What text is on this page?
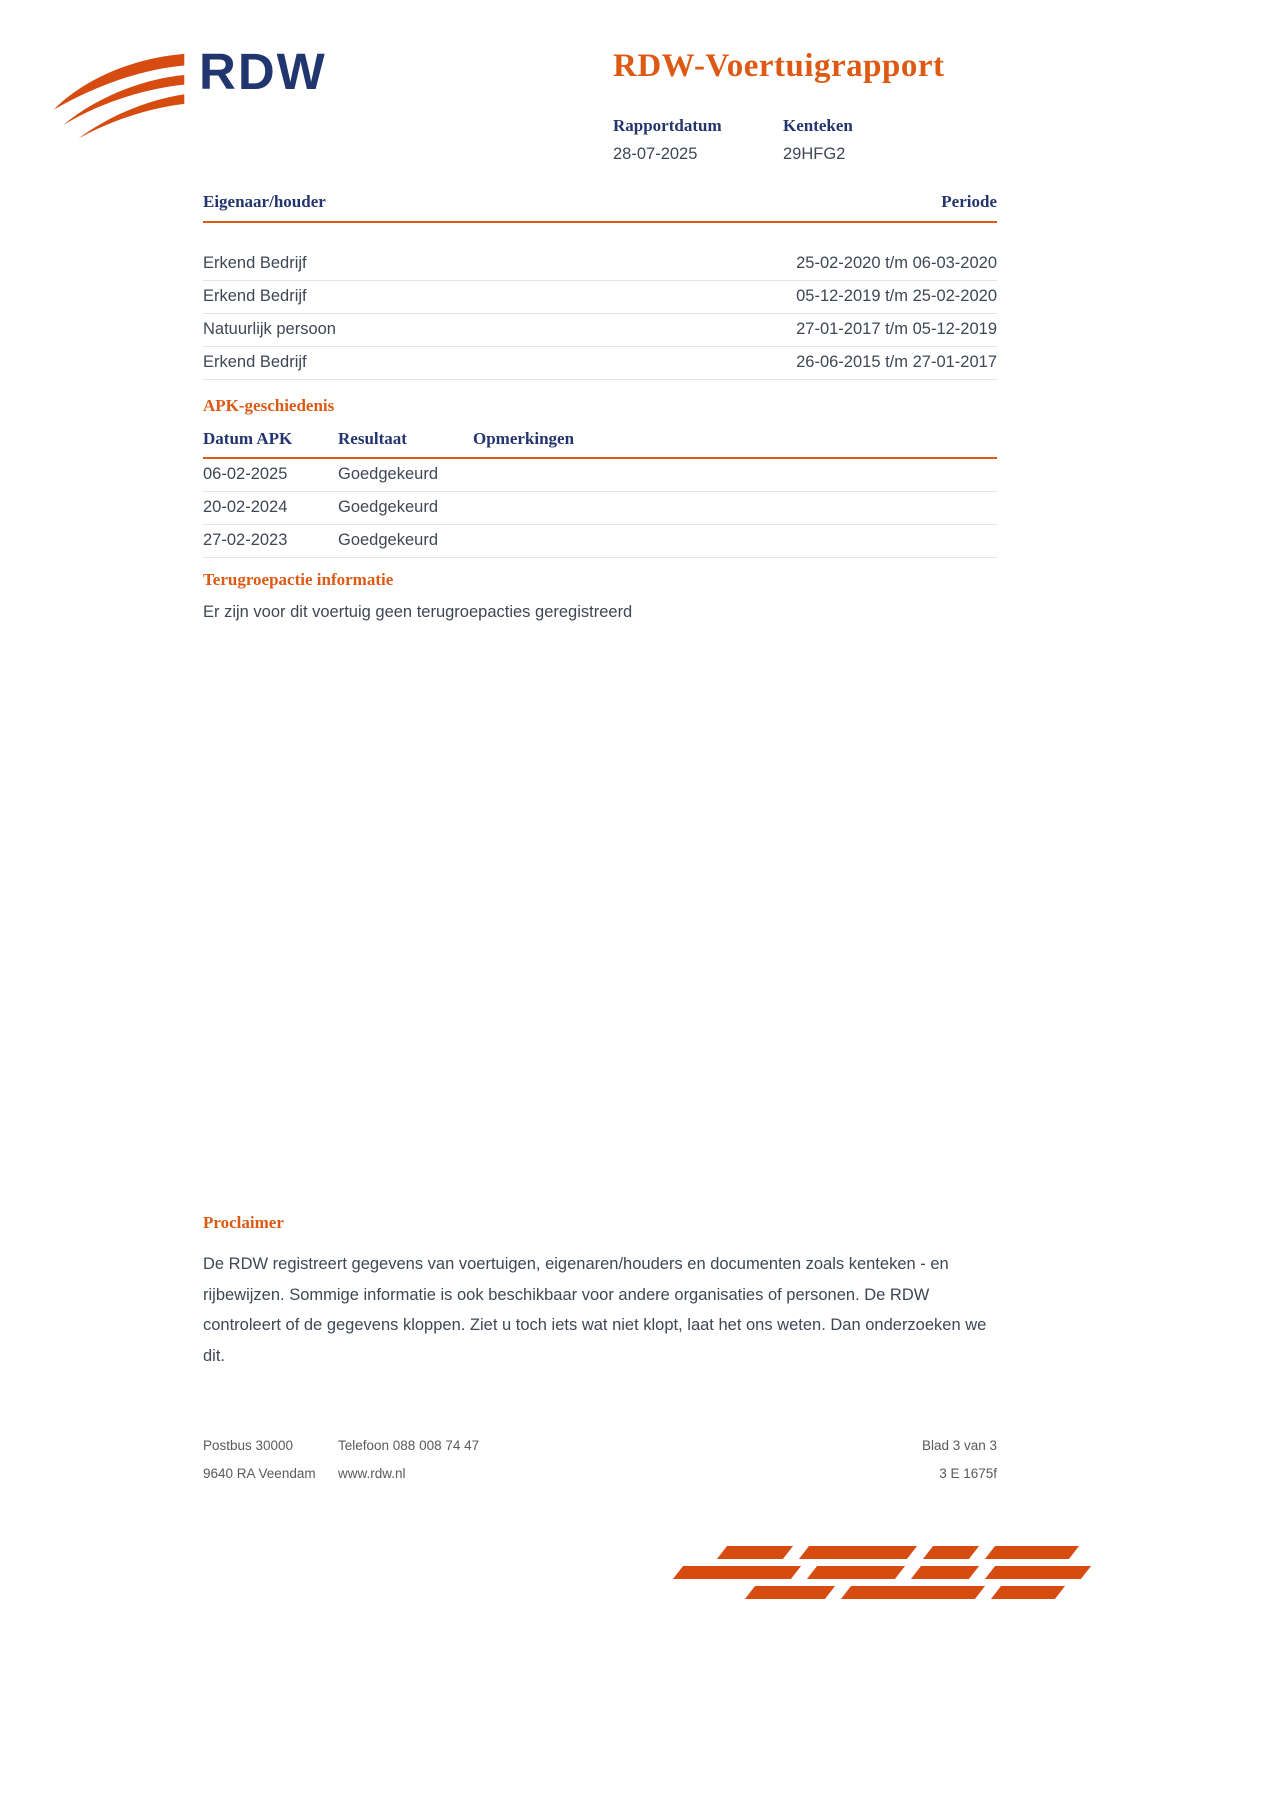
RDW	RDW-Voertuigrapport
Rapportdatum
28-07-2025
Kenteken
29HFG2
Eigenaar/houder	Periode
Erkend Bedrijf	25-02-2020 t/m 06-03-2020
Erkend Bedrijf	05-12-2019 t/m 25-02-2020
Natuurlijk persoon	27-01-2017 t/m 05-12-2019
Erkend Bedrijf	26-06-2015 t/m 27-01-2017
APK-geschiedenis
Datum APK	Resultaat	Opmerkingen
06-02-2025	Goedgekeurd
20-02-2024	Goedgekeurd
27-02-2023	Goedgekeurd
Terugroepactie informatie

Er zijn voor dit voertuig geen terugroepacties geregistreerd

Proclaimer

De RDW registreert gegevens van voertuigen, eigenaren/houders en documenten zoals kenteken - en rijbewijzen. Sommige informatie is ook beschikbaar voor andere organisaties of personen. De RDW controleert of de gegevens kloppen. Ziet u toch iets wat niet klopt, laat het ons weten. Dan onderzoeken we dit.

Postbus 30000
9640 RA Veendam
Telefoon 088 008 74 47
www.rdw.nl
Blad 3 van 3
3 E 1675f
